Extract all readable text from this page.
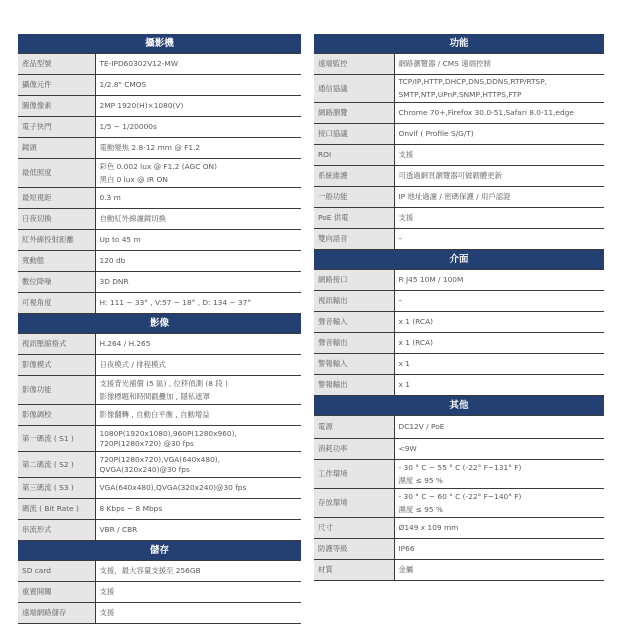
攝影機	
產品型號	TE-IPD60302V12-MW

攝像元件	1/2.8" CMOS

圖像像素	2MP 1920(H)×1080(V)

電子快門	1/5 ~ 1/20000s

鏡頭	電動變焦 2.8-12 mm @ F1.2

最低照度	彩色 0.002 lux @ F1.2 (AGC ON)
黑白 0 lux @ IR ON

最短視距	0.3 m

日夜切換	自動紅外線濾鏡切換

紅外線投射距離	Up to 45 m

寬動態	120 db

數位降噪	3D DNR

可視角度	H: 111 ~ 33° , V:57 ~ 18° , D: 134 ~ 37°

影像	
視訊壓縮格式	H.264 / H.265

影像模式	日夜模式 / 排程模式

影像功能	支援背光補償 (5 區) , 位移偵測 (8 段 )
影像標題和時間戳疊加 , 隱私遮罩

影像調校	影像翻轉 , 自動白平衡 , 自動增益

第一碼流 ( S1 )	1080P(1920x1080),960P(1280x960),
720P(1280x720) @30 fps

第二碼流 ( S2 )	720P(1280x720),VGA(640x480),
QVGA(320x240)@30 fps

第三碼流 ( S3 )	VGA(640x480),QVGA(320x240)@30 fps

碼流 ( Bit Rate )	8 Kbps ~ 8 Mbps

串流形式	VBR / CBR

儲存	
SD card	支援，最大容量支援至 256GB

重置開關	支援

遠端網路儲存	支援
功能	
遠端監控	網路瀏覽器 / CMS 遠端控制

通信協議	TCP/IP,HTTP,DHCP,DNS,DDNS,RTP/RTSP,
SMTP,NTP,UPnP,SNMP,HTTPS,FTP

網路瀏覽	Chrome 70+,Firefox 30.0-51,Safari 8.0-11,edge

接口協議	Onvif ( Profile S/G/T)

ROI	支援

系統維護	可透過網頁瀏覽器可做韌體更新

一般功能	IP 地址過濾 / 密碼保護 / 用戶認證

PoE 供電	支援

雙向語音	–

介面	
網路接口	R J45 10M / 100M

視訊輸出	–

聲音輸入	x 1 (RCA)

聲音輸出	x 1 (RCA)

警報輸入	x 1

警報輸出	x 1

其他	
電源	DC12V / PoE

消耗功率	<9W

工作環境	- 30 ° C ~ 55 ° C (-22° F~131° F)
濕度 ≤ 95 %

存放環境	- 30 ° C ~ 60 ° C (-22° F~140° F)
濕度 ≤ 95 %

尺寸	Ø149 x 109 mm

防護等級	IP66

材質	金屬
